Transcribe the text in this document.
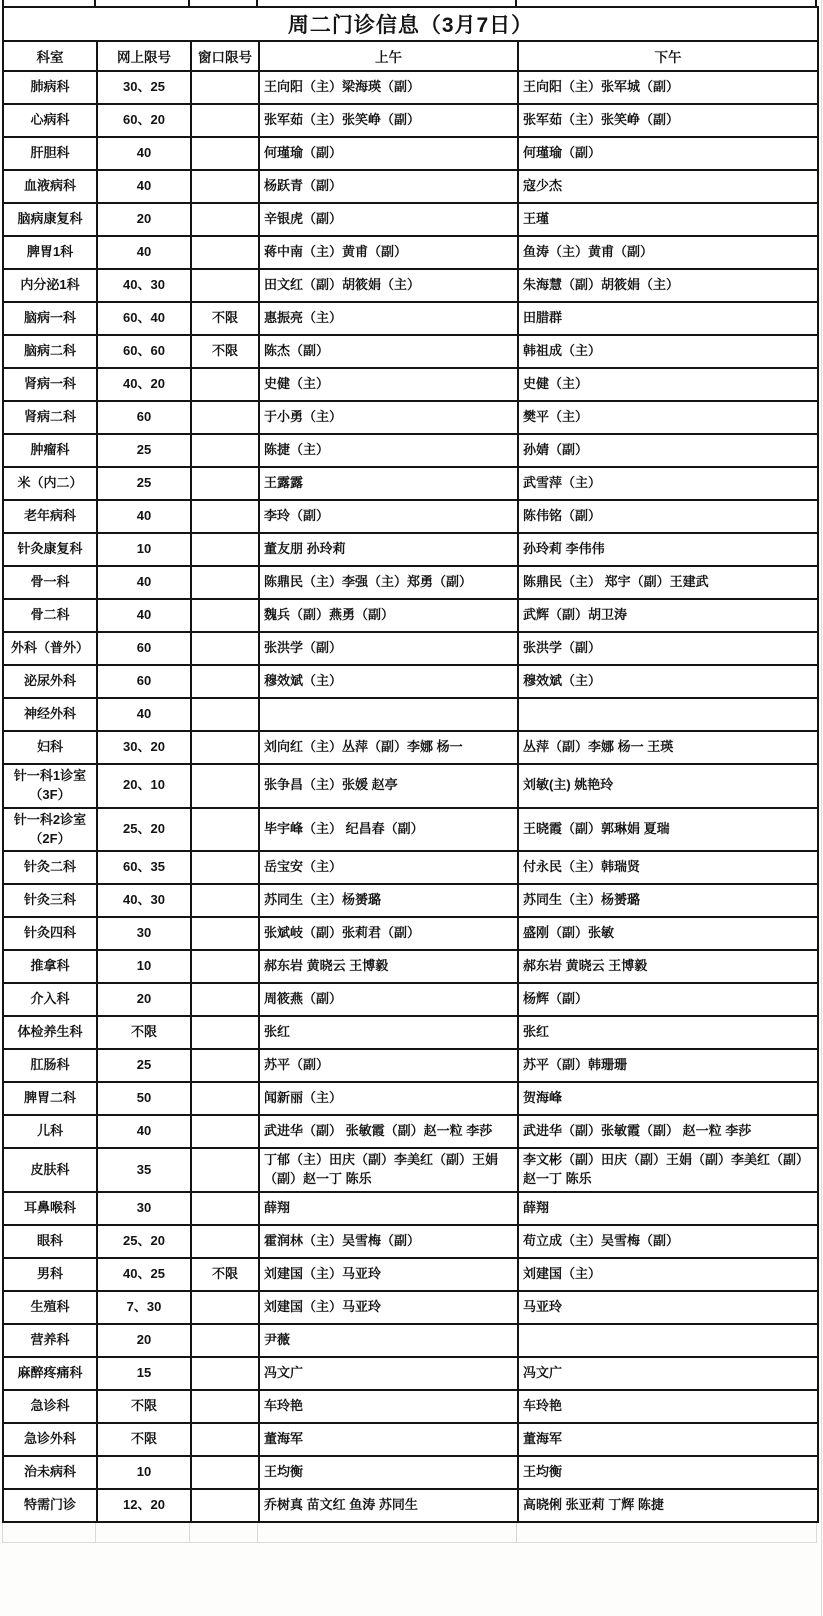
周二门诊信息（3月7日）				
科室	网上限号	窗口限号	上午	下午
肺病科	30、25		王向阳（主）梁海瑛（副）	王向阳（主）张军城（副）
心病科	60、20		张军茹（主）张笑峥（副）	张军茹（主）张笑峥（副）
肝胆科	40		何瑾瑜（副）	何瑾瑜（副）
血液病科	40		杨跃青（副）	寇少杰
脑病康复科	20		辛银虎（副）	王瑾
脾胃1科	40		蒋中南（主）黄甫（副）	鱼涛（主）黄甫（副）
内分泌1科	40、30		田文红（副）胡筱娟（主）	朱海慧（副）胡筱娟（主）
脑病一科	60、40	不限	惠振亮（主）	田腊群
脑病二科	60、60	不限	陈杰（副）	韩祖成（主）
肾病一科	40、20		史健（主）	史健（主）
肾病二科	60		于小勇（主）	樊平（主）
肿瘤科	25		陈捷（主）	孙婧（副）
米（内二）	25		王露露	武雪萍（主）
老年病科	40		李玲（副）	陈伟铭（副）
针灸康复科	10		董友朋 孙玲莉	孙玲莉 李伟伟
骨一科	40		陈鼎民（主）李强（主）郑勇（副）	陈鼎民（主） 郑宇（副）王建武
骨二科	40		魏兵（副）燕勇（副）	武辉（副）胡卫涛
外科（普外）	60		张洪学（副）	张洪学（副）
泌尿外科	60		穆效斌（主）	穆效斌（主）
神经外科	40			
妇科	30、20		刘向红（主）丛萍（副）李娜 杨一	丛萍（副）李娜 杨一 王瑛
针一科1诊室（3F）	20、10		张争昌（主）张媛 赵亭	刘敏(主) 姚艳玲
针一科2诊室（2F）	25、20		毕宇峰（主） 纪昌春（副）	王晓霞（副）郭琳娟 夏瑞
针灸二科	60、35		岳宝安（主）	付永民（主）韩瑞贤
针灸三科	40、30		苏同生（主）杨赟璐	苏同生（主）杨赟璐
针灸四科	30		张斌岐（副）张莉君（副）	盛刚（副）张敏
推拿科	10		郝东岩 黄晓云 王博毅	郝东岩 黄晓云 王博毅
介入科	20		周筱燕（副）	杨辉（副）
体检养生科	不限		张红	张红
肛肠科	25		苏平（副）	苏平（副）韩珊珊
脾胃二科	50		闻新丽（主）	贺海峰
儿科	40		武进华（副） 张敏霞（副）赵一粒 李莎	武进华（副）张敏霞（副） 赵一粒 李莎
皮肤科	35		丁郁（主）田庆（副）李美红（副）王娟（副）赵一丁 陈乐	李文彬（副）田庆（副）王娟（副）李美红（副） 赵一丁 陈乐
耳鼻喉科	30		薛翔	薛翔
眼科	25、20		霍润林（主）吴雪梅（副）	苟立成（主）吴雪梅（副）
男科	40、25	不限	刘建国（主）马亚玲	刘建国（主）
生殖科	7、30		刘建国（主）马亚玲	马亚玲
营养科	20		尹薇	
麻醉疼痛科	15		冯文广	冯文广
急诊科	不限		车玲艳	车玲艳
急诊外科	不限		董海军	董海军
治未病科	10		王均衡	王均衡
特需门诊	12、20		乔树真 苗文红 鱼涛 苏同生	高晓俐 张亚莉 丁辉 陈捷
